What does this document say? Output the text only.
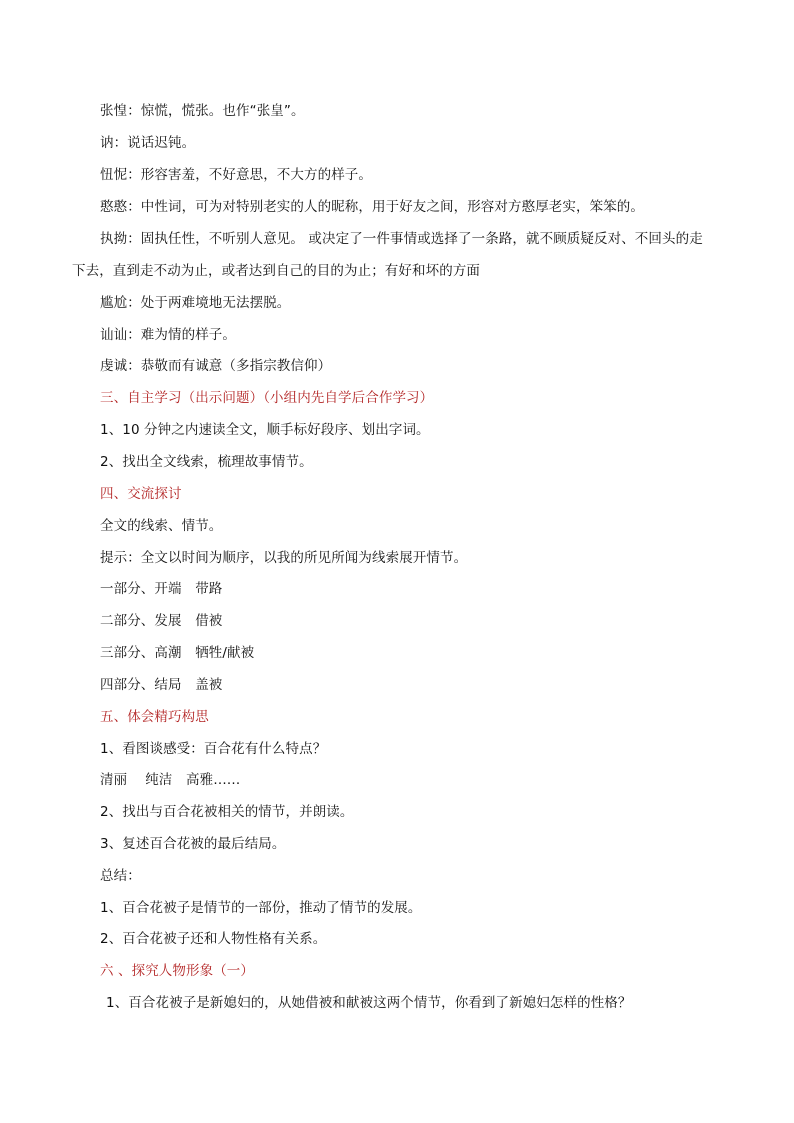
张惶：惊慌，慌张。也作“张皇”。
讷：说话迟钝。
忸怩：形容害羞，不好意思，不大方的样子。
憨憨：中性词，可为对特别老实的人的昵称，用于好友之间，形容对方憨厚老实，笨笨的。
执拗：固执任性，不听别人意见。 或决定了一件事情或选择了一条路，就不顾质疑反对、不回头的走
下去，直到走不动为止，或者达到自己的目的为止；有好和坏的方面
尴尬：处于两难境地无法摆脱。
讪讪：难为情的样子。
虔诚：恭敬而有诚意（多指宗教信仰）
三、自主学习（出示问题）（小组内先自学后合作学习）
1、10 分钟之内速读全文，顺手标好段序、划出字词。
2、找出全文线索，梳理故事情节。
四、交流探讨
全文的线索、情节。
提示：全文以时间为顺序，以我的所见所闻为线索展开情节。
一部分、开端　带路
二部分、发展　借被
三部分、高潮　牺牲/献被
四部分、结局　盖被
五、体会精巧构思
1、看图谈感受：百合花有什么特点？
清丽　 纯洁　高雅……
2、找出与百合花被相关的情节，并朗读。
3、复述百合花被的最后结局。
总结：
1、百合花被子是情节的一部份，推动了情节的发展。
2、百合花被子还和人物性格有关系。
六 、探究人物形象（一）
1、百合花被子是新媳妇的，从她借被和献被这两个情节，你看到了新媳妇怎样的性格？
